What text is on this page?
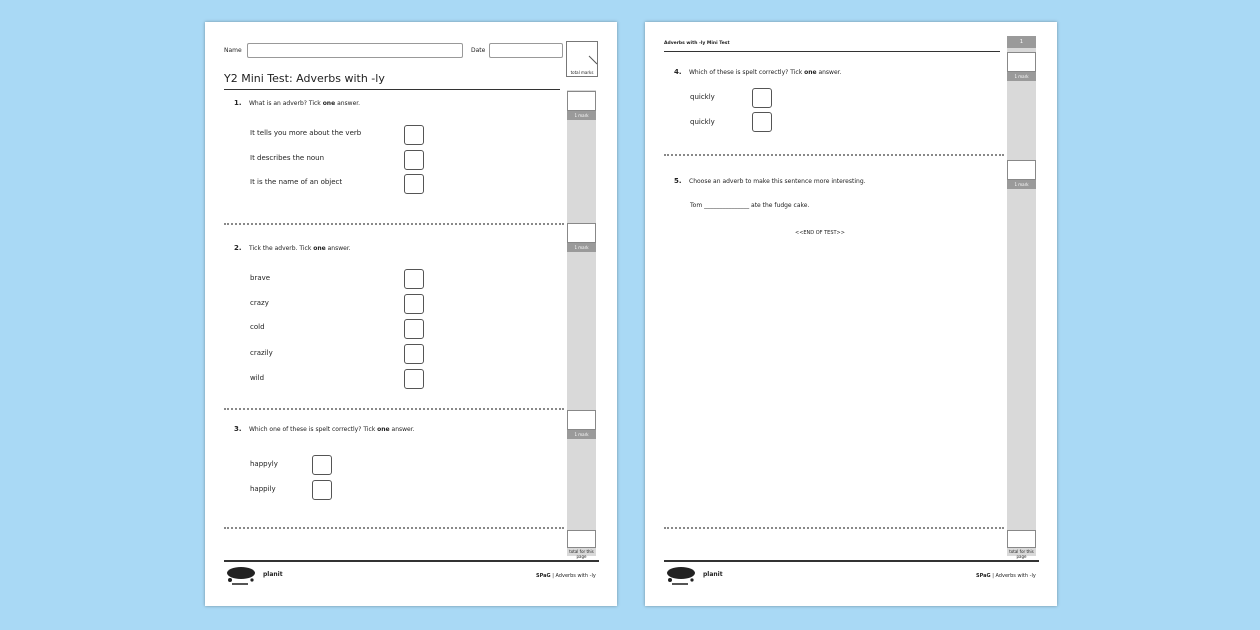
Name	Date
total marks
Y2 Mini Test: Adverbs with -ly
1. What is an adverb? Tick one answer.
1 mark
It tells you more about the verb
It describes the noun
It is the name of an object
2. Tick the adverb. Tick one answer.	1 mark
brave
crazy
cold
crazily
wild
3. Which one of these is spelt correctly? Tick one answer.
1 mark
happyly
happily
total for this page
planit	SPaG | Adverbs with -ly
Adverbs with -ly Mini Test	1
4. Which of these is spelt correctly? Tick one answer.
1 mark
quickly
quickly
5. Choose an adverb to make this sentence more interesting.	1 mark
Tom _______________ ate the fudge cake.
<<END OF TEST>>
total for this page
planit	SPaG | Adverbs with -ly
